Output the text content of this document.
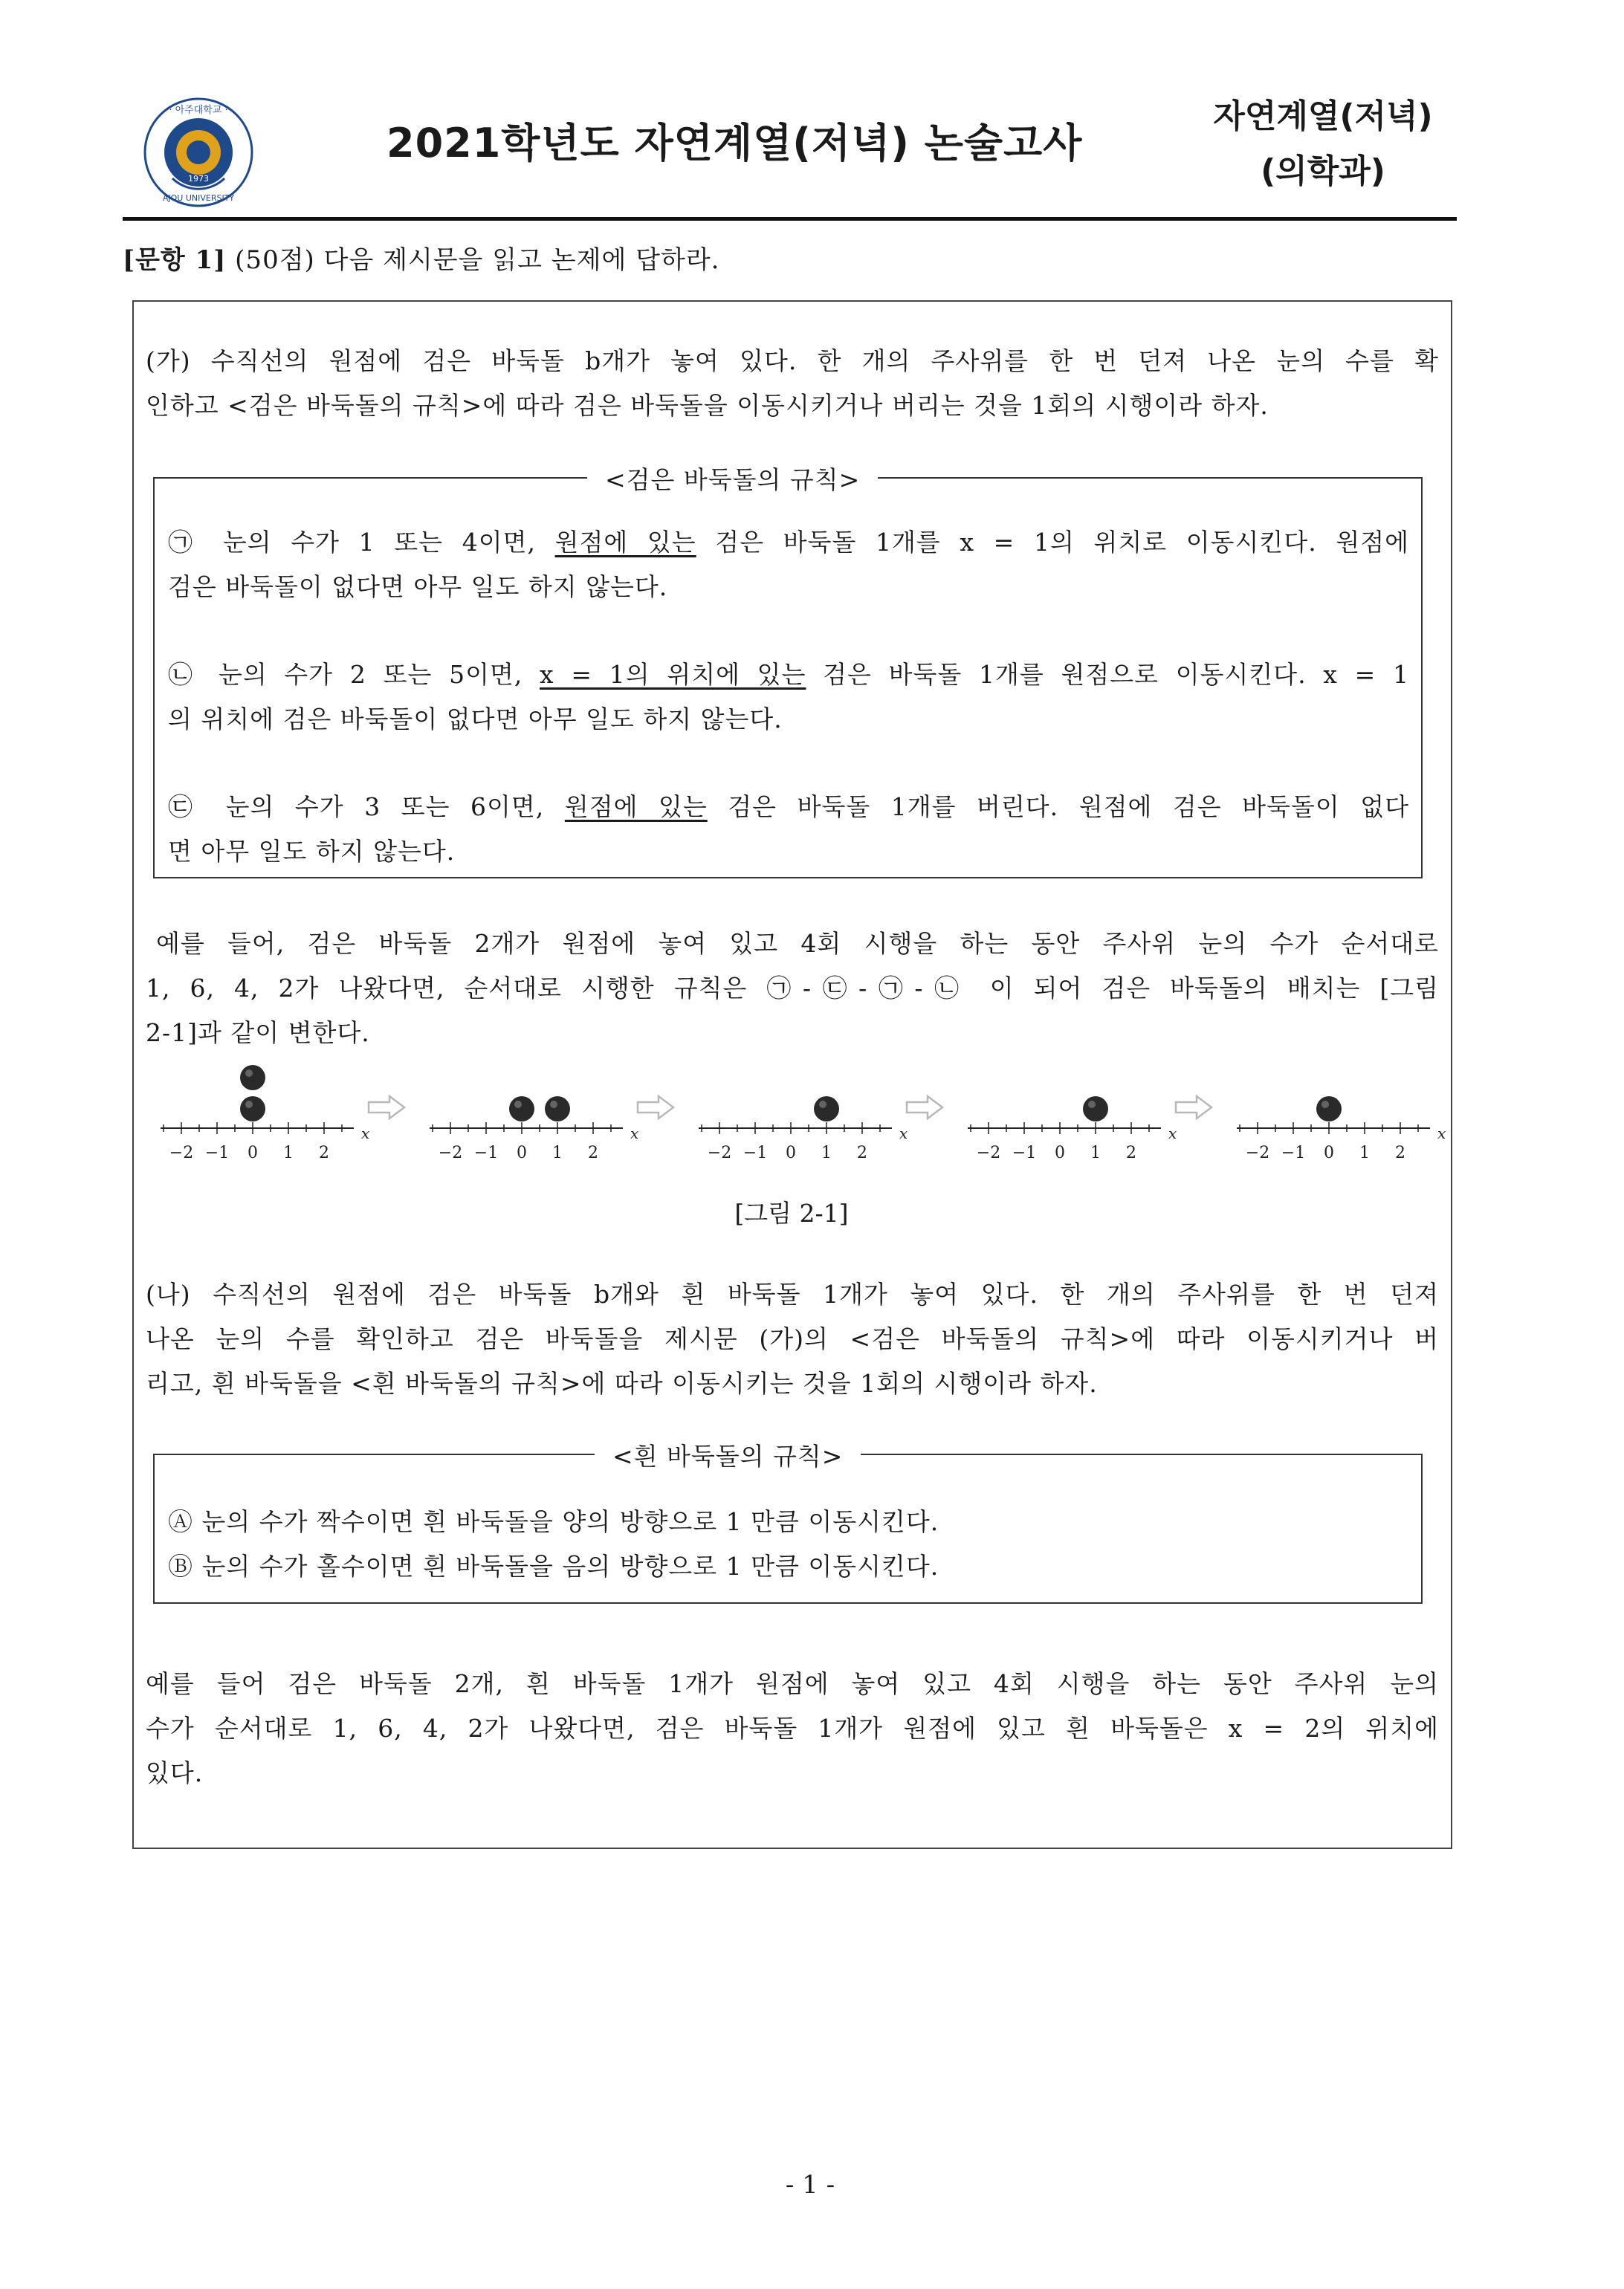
· 아주대학교 ·
1973
AJOU UNIVERSITY
2021학년도 자연계열(저녁) 논술고사
자연계열(저녁)
(의학과)
[문항 1] (50점) 다음 제시문을 읽고 논제에 답하라.
(가) 수직선의 원점에 검은 바둑돌 b개가 놓여 있다. 한 개의 주사위를 한 번 던져 나온 눈의 수를 확
인하고 <검은 바둑돌의 규칙>에 따라 검은 바둑돌을 이동시키거나 버리는 것을 1회의 시행이라 하자.
<검은 바둑돌의 규칙>
㉠ 눈의 수가 1 또는 4이면, 원점에 있는 검은 바둑돌 1개를 x = 1의 위치로 이동시킨다. 원점에
검은 바둑돌이 없다면 아무 일도 하지 않는다.
㉡ 눈의 수가 2 또는 5이면, x = 1의 위치에 있는 검은 바둑돌 1개를 원점으로 이동시킨다. x = 1
의 위치에 검은 바둑돌이 없다면 아무 일도 하지 않는다.
㉢ 눈의 수가 3 또는 6이면, 원점에 있는 검은 바둑돌 1개를 버린다. 원점에 검은 바둑돌이 없다
면 아무 일도 하지 않는다.
예를 들어, 검은 바둑돌 2개가 원점에 놓여 있고 4회 시행을 하는 동안 주사위 눈의 수가 순서대로
1, 6, 4, 2가 나왔다면, 순서대로 시행한 규칙은 ㉠-㉢-㉠-㉡ 이 되어 검은 바둑돌의 배치는 [그림
2-1]과 같이 변한다.
−2 −1 0 1 2
x
−2 −1 0 1 2
x
−2 −1 0 1 2
x
−2 −1 0 1 2
x
−2 −1 0 1 2
x
[그림 2-1]
(나) 수직선의 원점에 검은 바둑돌 b개와 흰 바둑돌 1개가 놓여 있다. 한 개의 주사위를 한 번 던져
나온 눈의 수를 확인하고 검은 바둑돌을 제시문 (가)의 <검은 바둑돌의 규칙>에 따라 이동시키거나 버
리고, 흰 바둑돌을 <흰 바둑돌의 규칙>에 따라 이동시키는 것을 1회의 시행이라 하자.
<흰 바둑돌의 규칙>
Ⓐ 눈의 수가 짝수이면 흰 바둑돌을 양의 방향으로 1 만큼 이동시킨다.
Ⓑ 눈의 수가 홀수이면 흰 바둑돌을 음의 방향으로 1 만큼 이동시킨다.
예를 들어 검은 바둑돌 2개, 흰 바둑돌 1개가 원점에 놓여 있고 4회 시행을 하는 동안 주사위 눈의
수가 순서대로 1, 6, 4, 2가 나왔다면, 검은 바둑돌 1개가 원점에 있고 흰 바둑돌은 x = 2의 위치에
있다.
- 1 -
